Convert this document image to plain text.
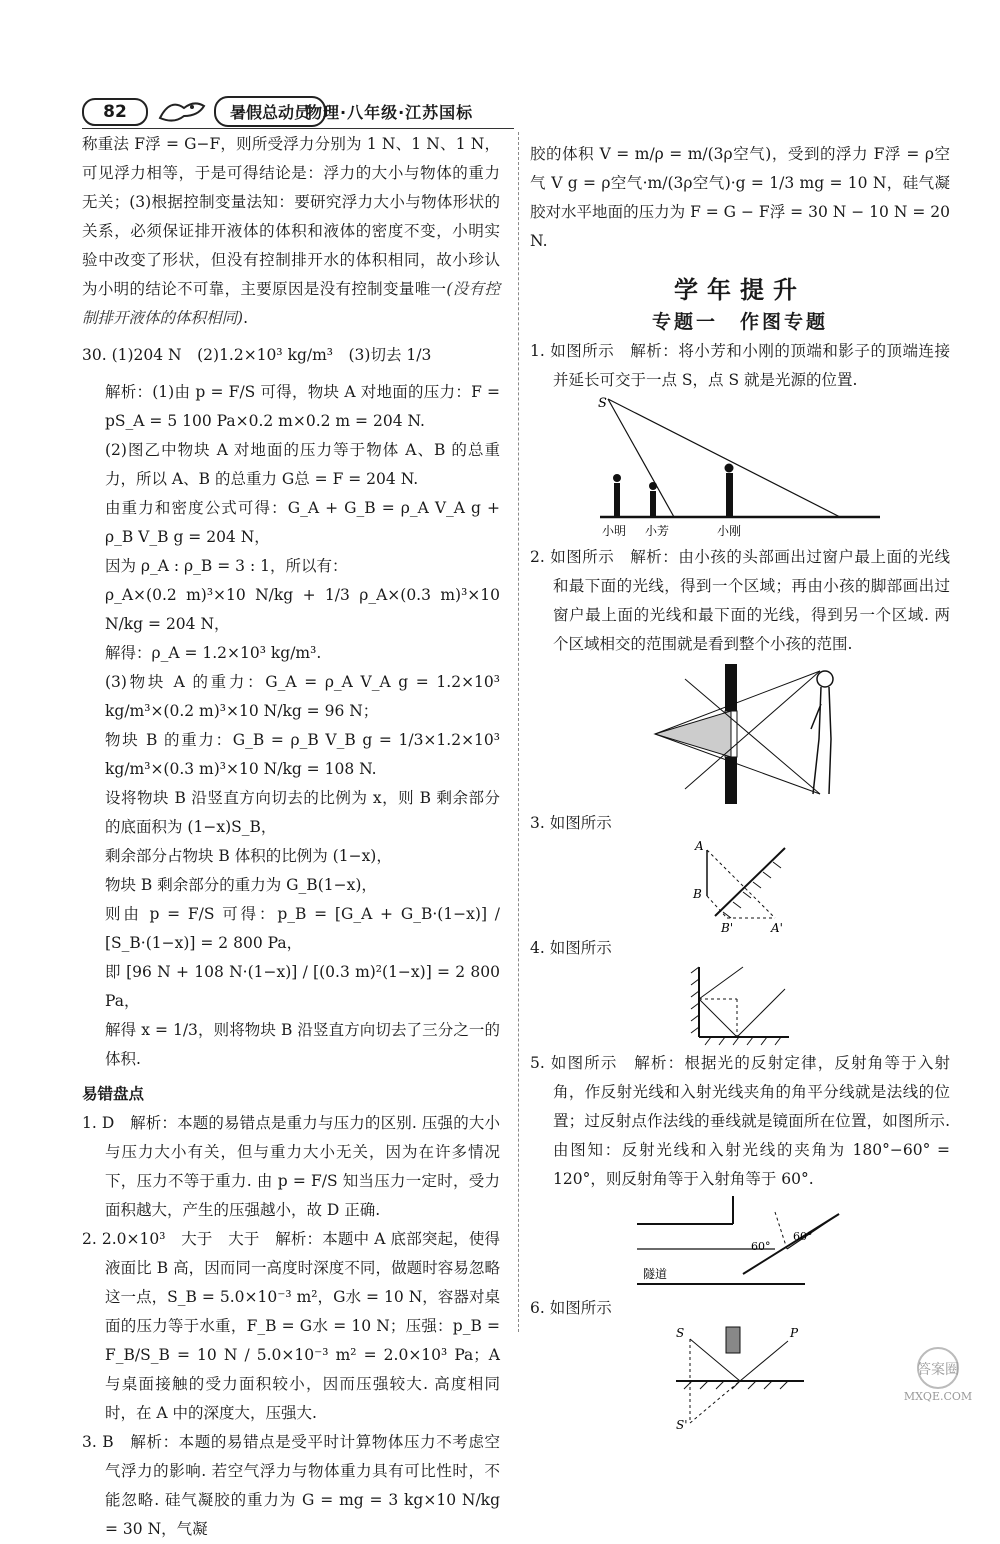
82	暑假总动员
物理·八年级·江苏国标

称重法 F浮 = G−F，则所受浮力分别为 1 N、1 N、1 N，可见浮力相等，于是可得结论是：浮力的大小与物体的重力无关；(3)根据控制变量法知：要研究浮力大小与物体形状的关系，必须保证排开液体的体积和液体的密度不变，小明实验中改变了形状，但没有控制排开水的体积相同，故小珍认为小明的结论不可靠，主要原因是没有控制变量唯一(没有控制排开液体的体积相同).

30. (1)204 N　(2)1.2×10³ kg/m³　(3)切去 1/3

解析：(1)由 p = F/S 可得，物块 A 对地面的压力：F = pS_A = 5 100 Pa×0.2 m×0.2 m = 204 N.

(2)图乙中物块 A 对地面的压力等于物体 A、B 的总重力，所以 A、B 的总重力 G总 = F = 204 N.

由重力和密度公式可得：G_A + G_B = ρ_A V_A g + ρ_B V_B g = 204 N，

因为 ρ_A : ρ_B = 3 : 1，所以有：

ρ_A×(0.2 m)³×10 N/kg + 1/3 ρ_A×(0.3 m)³×10 N/kg = 204 N，

解得：ρ_A = 1.2×10³ kg/m³.

(3)物块 A 的重力：G_A = ρ_A V_A g = 1.2×10³ kg/m³×(0.2 m)³×10 N/kg = 96 N；

物块 B 的重力：G_B = ρ_B V_B g = 1/3×1.2×10³ kg/m³×(0.3 m)³×10 N/kg = 108 N.

设将物块 B 沿竖直方向切去的比例为 x，则 B 剩余部分的底面积为 (1−x)S_B，

剩余部分占物块 B 体积的比例为 (1−x)，

物块 B 剩余部分的重力为 G_B(1−x)，

则由 p = F/S 可得：p_B = [G_A + G_B·(1−x)] / [S_B·(1−x)] = 2 800 Pa，

即 [96 N + 108 N·(1−x)] / [(0.3 m)²(1−x)] = 2 800 Pa，

解得 x = 1/3，则将物块 B 沿竖直方向切去了三分之一的体积.

易错盘点

1. D　解析：本题的易错点是重力与压力的区别. 压强的大小与压力大小有关，但与重力大小无关，因为在许多情况下，压力不等于重力. 由 p = F/S 知当压力一定时，受力面积越大，产生的压强越小，故 D 正确.

2. 2.0×10³　大于　大于　解析：本题中 A 底部突起，使得液面比 B 高，因而同一高度时深度不同，做题时容易忽略这一点，S_B = 5.0×10⁻³ m²，G水 = 10 N，容器对桌面的压力等于水重，F_B = G水 = 10 N；压强：p_B = F_B/S_B = 10 N / 5.0×10⁻³ m² = 2.0×10³ Pa；A 与桌面接触的受力面积较小，因而压强较大. 高度相同时，在 A 中的深度大，压强大.

3. B　解析：本题的易错点是受平时计算物体压力不考虑空气浮力的影响. 若空气浮力与物体重力具有可比性时，不能忽略. 硅气凝胶的重力为 G = mg = 3 kg×10 N/kg = 30 N，气凝

胶的体积 V = m/ρ = m/(3ρ空气)，受到的浮力 F浮 = ρ空气 V g = ρ空气·m/(3ρ空气)·g = 1/3 mg = 10 N，硅气凝胶对水平地面的压力为 F = G − F浮 = 30 N − 10 N = 20 N.

学年提升
专题一　作图专题

1. 如图所示　解析：将小芳和小刚的顶端和影子的顶端连接并延长可交于一点 S，点 S 就是光源的位置.

S
小明 小芳	小刚

2. 如图所示　解析：由小孩的头部画出过窗户最上面的光线和最下面的光线，得到一个区域；再由小孩的脚部画出过窗户最上面的光线和最下面的光线，得到另一个区域. 两个区域相交的范围就是看到整个小孩的范围.

3. 如图所示

A
B
B'	A'

4. 如图所示

5. 如图所示　解析：根据光的反射定律，反射角等于入射角，作反射光线和入射光线夹角的角平分线就是法线的位置；过反射点作法线的垂线就是镜面所在位置，如图所示. 由图知：反射光线和入射光线的夹角为 180°−60° = 120°，则反射角等于入射角等于 60°.

60°
60°
隧道

6. 如图所示

S	P
S'
答案圈
MXQE.COM
